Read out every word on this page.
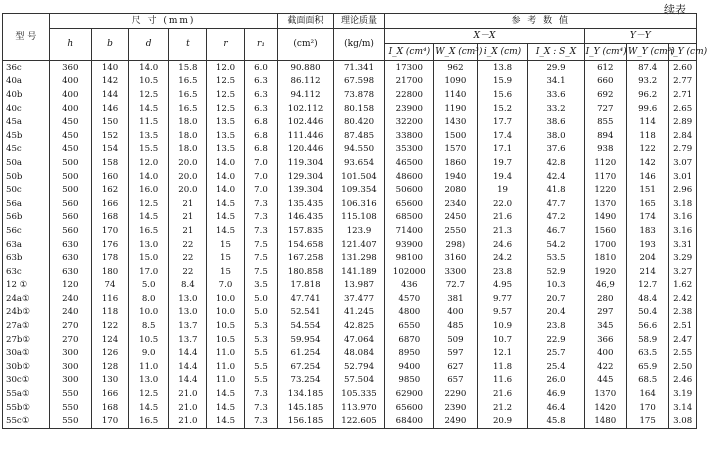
续表
型 号	尺 寸 (mm)						截面面积	理论质量	参 考 数 值						
	h	b	d	t	r	r₁	(cm²)	(kg/m)	X－X				Y－Y		
									I_X (cm⁴)	W_X (cm³)	i_X (cm)	I_X : S_X	I_Y (cm⁴)	W_Y (cm³)	i_Y (cm)
36c	360	140	14.0	15.8	12.0	6.0	90.880	71.341	17300	962	13.8	29.9	612	87.4	2.60
40a	400	142	10.5	16.5	12.5	6.3	86.112	67.598	21700	1090	15.9	34.1	660	93.2	2.77
40b	400	144	12.5	16.5	12.5	6.3	94.112	73.878	22800	1140	15.6	33.6	692	96.2	2.71
40c	400	146	14.5	16.5	12.5	6.3	102.112	80.158	23900	1190	15.2	33.2	727	99.6	2.65
45a	450	150	11.5	18.0	13.5	6.8	102.446	80.420	32200	1430	17.7	38.6	855	114	2.89
45b	450	152	13.5	18.0	13.5	6.8	111.446	87.485	33800	1500	17.4	38.0	894	118	2.84
45c	450	154	15.5	18.0	13.5	6.8	120.446	94.550	35300	1570	17.1	37.6	938	122	2.79
50a	500	158	12.0	20.0	14.0	7.0	119.304	93.654	46500	1860	19.7	42.8	1120	142	3.07
50b	500	160	14.0	20.0	14.0	7.0	129.304	101.504	48600	1940	19.4	42.4	1170	146	3.01
50c	500	162	16.0	20.0	14.0	7.0	139.304	109.354	50600	2080	19	41.8	1220	151	2.96
56a	560	166	12.5	21	14.5	7.3	135.435	106.316	65600	2340	22.0	47.7	1370	165	3.18
56b	560	168	14.5	21	14.5	7.3	146.435	115.108	68500	2450	21.6	47.2	1490	174	3.16
56c	560	170	16.5	21	14.5	7.3	157.835	123.9	71400	2550	21.3	46.7	1560	183	3.16
63a	630	176	13.0	22	15	7.5	154.658	121.407	93900	298)	24.6	54.2	1700	193	3.31
63b	630	178	15.0	22	15	7.5	167.258	131.298	98100	3160	24.2	53.5	1810	204	3.29
63c	630	180	17.0	22	15	7.5	180.858	141.189	102000	3300	23.8	52.9	1920	214	3.27
12 ①	120	74	5.0	8.4	7.0	3.5	17.818	13.987	436	72.7	4.95	10.3	46,9	12.7	1.62
24a①	240	116	8.0	13.0	10.0	5.0	47.741	37.477	4570	381	9.77	20.7	280	48.4	2.42
24b①	240	118	10.0	13.0	10.0	5.0	52.541	41.245	4800	400	9.57	20.4	297	50.4	2.38
27a①	270	122	8.5	13.7	10.5	5.3	54.554	42.825	6550	485	10.9	23.8	345	56.6	2.51
27b①	270	124	10.5	13.7	10.5	5.3	59.954	47.064	6870	509	10.7	22.9	366	58.9	2.47
30a①	300	126	9.0	14.4	11.0	5.5	61.254	48.084	8950	597	12.1	25.7	400	63.5	2.55
30b①	300	128	11.0	14.4	11.0	5.5	67.254	52.794	9400	627	11.8	25.4	422	65.9	2.50
30c①	300	130	13.0	14.4	11.0	5.5	73.254	57.504	9850	657	11.6	26.0	445	68.5	2.46
55a①	550	166	12.5	21.0	14.5	7.3	134.185	105.335	62900	2290	21.6	46.9	1370	164	3.19
55b①	550	168	14.5	21.0	14.5	7.3	145.185	113.970	65600	2390	21.2	46.4	1420	170	3.14
55c①	550	170	16.5	21.0	14.5	7.3	156.185	122.605	68400	2490	20.9	45.8	1480	175	3.08
